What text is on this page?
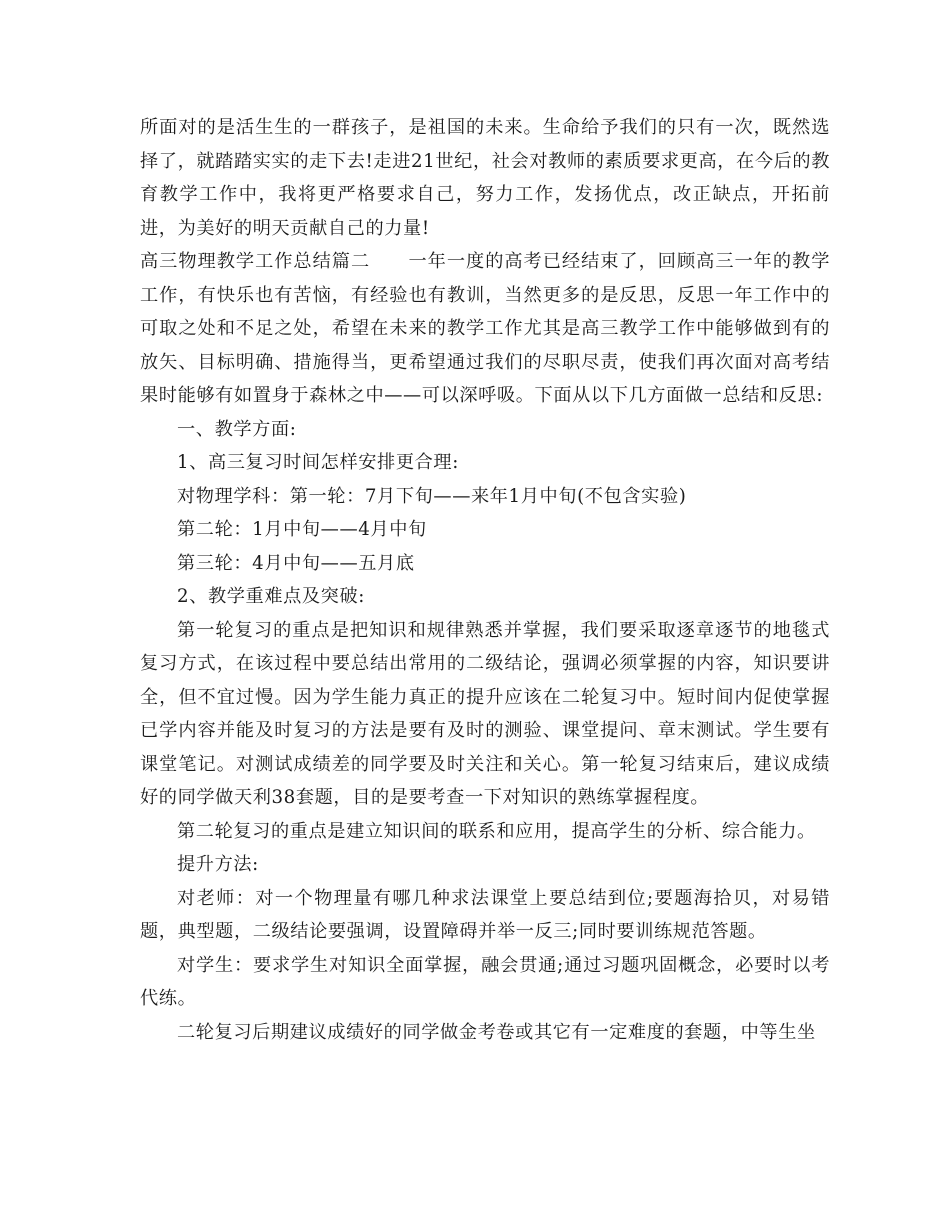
所面对的是活生生的一群孩子，是祖国的未来。生命给予我们的只有一次，既然选择了，就踏踏实实的走下去!走进21世纪，社会对教师的素质要求更高，在今后的教育教学工作中，我将更严格要求自己，努力工作，发扬优点，改正缺点，开拓前进，为美好的明天贡献自己的力量!

高三物理教学工作总结篇二　　一年一度的高考已经结束了，回顾高三一年的教学工作，有快乐也有苦恼，有经验也有教训，当然更多的是反思，反思一年工作中的可取之处和不足之处，希望在未来的教学工作尤其是高三教学工作中能够做到有的放矢、目标明确、措施得当，更希望通过我们的尽职尽责，使我们再次面对高考结果时能够有如置身于森林之中——可以深呼吸。下面从以下几方面做一总结和反思:

一、教学方面:

1、高三复习时间怎样安排更合理:

对物理学科：第一轮：7月下旬——来年1月中旬(不包含实验)

第二轮：1月中旬——4月中旬

第三轮：4月中旬——五月底

2、教学重难点及突破:

第一轮复习的重点是把知识和规律熟悉并掌握，我们要采取逐章逐节的地毯式复习方式，在该过程中要总结出常用的二级结论，强调必须掌握的内容，知识要讲全，但不宜过慢。因为学生能力真正的提升应该在二轮复习中。短时间内促使掌握已学内容并能及时复习的方法是要有及时的测验、课堂提问、章末测试。学生要有课堂笔记。对测试成绩差的同学要及时关注和关心。第一轮复习结束后，建议成绩好的同学做天利38套题，目的是要考查一下对知识的熟练掌握程度。

第二轮复习的重点是建立知识间的联系和应用，提高学生的分析、综合能力。

提升方法:

对老师：对一个物理量有哪几种求法课堂上要总结到位;要题海拾贝，对易错题，典型题，二级结论要强调，设置障碍并举一反三;同时要训练规范答题。

对学生：要求学生对知识全面掌握，融会贯通;通过习题巩固概念，必要时以考代练。

二轮复习后期建议成绩好的同学做金考卷或其它有一定难度的套题，中等生坐
